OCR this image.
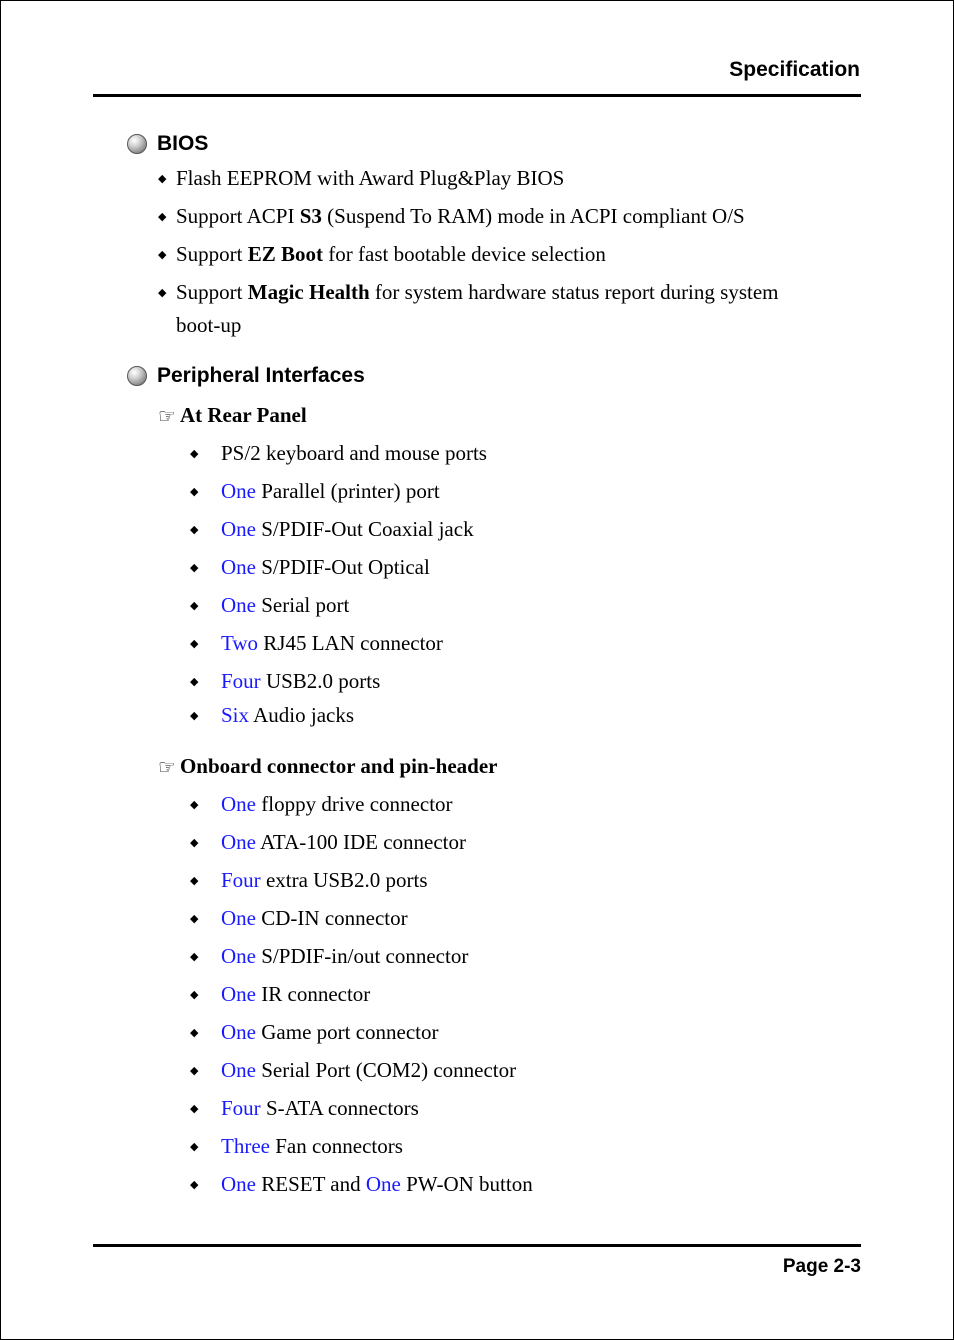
Specification
BIOS
◆ Flash EEPROM with Award Plug&Play BIOS
◆ Support ACPI S3 (Suspend To RAM) mode in ACPI compliant O/S
◆ Support EZ Boot for fast bootable device selection
◆ Support Magic Health for system hardware status report during system
boot-up
Peripheral Interfaces
☞ At Rear Panel
◆	PS/2 keyboard and mouse ports
◆	One Parallel (printer) port
◆	One S/PDIF-Out Coaxial jack
◆	One S/PDIF-Out Optical
◆	One Serial port
◆	Two RJ45 LAN connector
◆	Four USB2.0 ports
◆	Six Audio jacks
☞ Onboard connector and pin-header
◆	One floppy drive connector
◆	One ATA-100 IDE connector
◆	Four extra USB2.0 ports
◆	One CD-IN connector
◆	One S/PDIF-in/out connector
◆	One IR connector
◆	One Game port connector
◆	One Serial Port (COM2) connector
◆	Four S-ATA connectors
◆	Three Fan connectors
◆	One RESET and One PW-ON button
Page 2-3
